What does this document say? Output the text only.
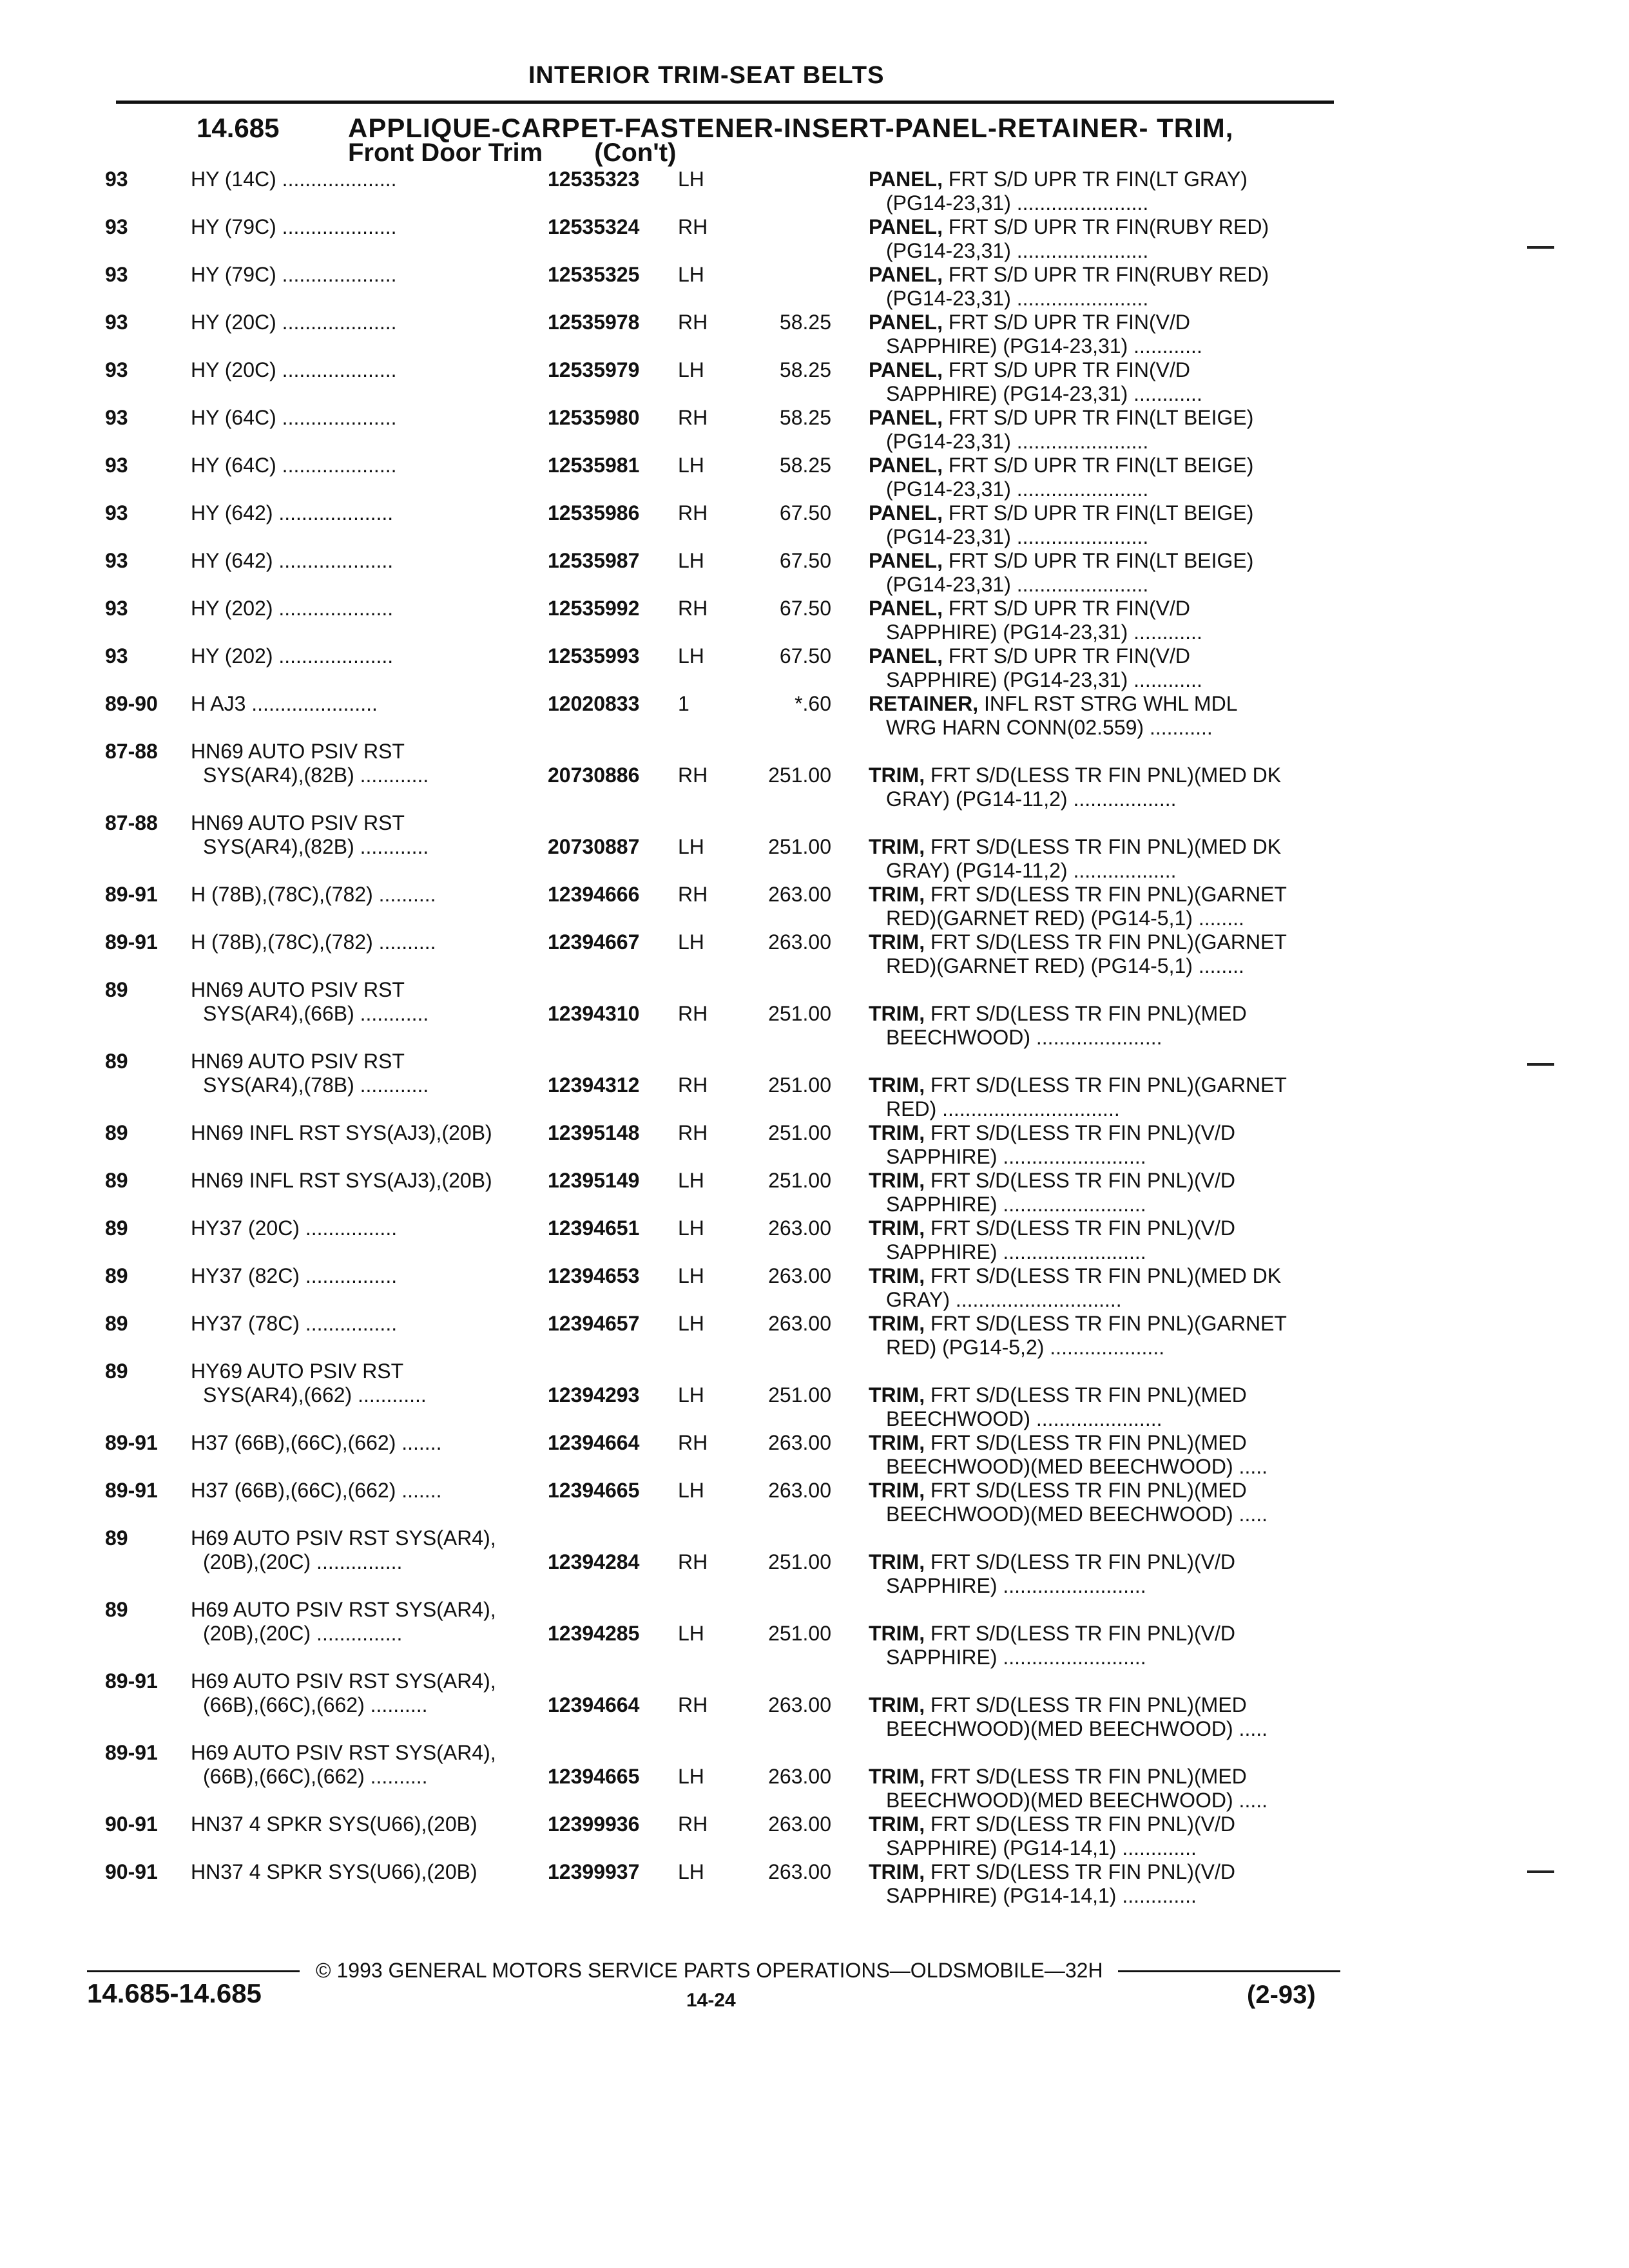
INTERIOR TRIM-SEAT BELTS
14.685	APPLIQUE-CARPET-FASTENER-INSERT-PANEL-RETAINER- TRIM,
Front Door Trim (Con't)
93	HY (14C) ....................	12535323 LH	PANEL, FRT S/D UPR TR FIN(LT GRAY)
(PG14-23,31) .......................
93	HY (79C) ....................	12535324 RH	PANEL, FRT S/D UPR TR FIN(RUBY RED)
(PG14-23,31) .......................
93	HY (79C) ....................	12535325 LH	PANEL, FRT S/D UPR TR FIN(RUBY RED)
(PG14-23,31) .......................
93	HY (20C) ....................	12535978 RH	58.25 PANEL, FRT S/D UPR TR FIN(V/D
SAPPHIRE) (PG14-23,31) ............
93	HY (20C) ....................	12535979 LH	58.25 PANEL, FRT S/D UPR TR FIN(V/D
SAPPHIRE) (PG14-23,31) ............
93	HY (64C) ....................	12535980 RH	58.25 PANEL, FRT S/D UPR TR FIN(LT BEIGE)
(PG14-23,31) .......................
93	HY (64C) ....................	12535981 LH	58.25 PANEL, FRT S/D UPR TR FIN(LT BEIGE)
(PG14-23,31) .......................
93	HY (642) ....................	12535986 RH	67.50 PANEL, FRT S/D UPR TR FIN(LT BEIGE)
(PG14-23,31) .......................
93	HY (642) ....................	12535987 LH	67.50 PANEL, FRT S/D UPR TR FIN(LT BEIGE)
(PG14-23,31) .......................
93	HY (202) ....................	12535992 RH	67.50 PANEL, FRT S/D UPR TR FIN(V/D
SAPPHIRE) (PG14-23,31) ............
93	HY (202) ....................	12535993 LH	67.50 PANEL, FRT S/D UPR TR FIN(V/D
SAPPHIRE) (PG14-23,31) ............
89-90 H AJ3 ......................	12020833 1	*.60 RETAINER, INFL RST STRG WHL MDL
WRG HARN CONN(02.559) ...........
87-88 HN69 AUTO PSIV RST
SYS(AR4),(82B) ............	20730886 RH	251.00 TRIM, FRT S/D(LESS TR FIN PNL)(MED DK
GRAY) (PG14-11,2) ..................
87-88 HN69 AUTO PSIV RST
SYS(AR4),(82B) ............	20730887 LH	251.00 TRIM, FRT S/D(LESS TR FIN PNL)(MED DK
GRAY) (PG14-11,2) ..................
89-91 H (78B),(78C),(782) ..........	12394666 RH	263.00 TRIM, FRT S/D(LESS TR FIN PNL)(GARNET
RED)(GARNET RED) (PG14-5,1) ........
89-91 H (78B),(78C),(782) ..........	12394667 LH	263.00 TRIM, FRT S/D(LESS TR FIN PNL)(GARNET
RED)(GARNET RED) (PG14-5,1) ........
89	HN69 AUTO PSIV RST
SYS(AR4),(66B) ............	12394310 RH	251.00 TRIM, FRT S/D(LESS TR FIN PNL)(MED
BEECHWOOD) ......................
89	HN69 AUTO PSIV RST
SYS(AR4),(78B) ............	12394312 RH	251.00 TRIM, FRT S/D(LESS TR FIN PNL)(GARNET
RED) ...............................
89	HN69 INFL RST SYS(AJ3),(20B)	12395148 RH	251.00 TRIM, FRT S/D(LESS TR FIN PNL)(V/D
SAPPHIRE) .........................
89	HN69 INFL RST SYS(AJ3),(20B)	12395149 LH	251.00 TRIM, FRT S/D(LESS TR FIN PNL)(V/D
SAPPHIRE) .........................
89	HY37 (20C) ................	12394651 LH	263.00 TRIM, FRT S/D(LESS TR FIN PNL)(V/D
SAPPHIRE) .........................
89	HY37 (82C) ................	12394653 LH	263.00 TRIM, FRT S/D(LESS TR FIN PNL)(MED DK
GRAY) .............................
89	HY37 (78C) ................	12394657 LH	263.00 TRIM, FRT S/D(LESS TR FIN PNL)(GARNET
RED) (PG14-5,2) ....................
89	HY69 AUTO PSIV RST
SYS(AR4),(662) ............	12394293 LH	251.00 TRIM, FRT S/D(LESS TR FIN PNL)(MED
BEECHWOOD) ......................
89-91 H37 (66B),(66C),(662) .......	12394664 RH	263.00 TRIM, FRT S/D(LESS TR FIN PNL)(MED
BEECHWOOD)(MED BEECHWOOD) .....
89-91 H37 (66B),(66C),(662) .......	12394665 LH	263.00 TRIM, FRT S/D(LESS TR FIN PNL)(MED
BEECHWOOD)(MED BEECHWOOD) .....
89	H69 AUTO PSIV RST SYS(AR4),
(20B),(20C) ...............	12394284 RH	251.00 TRIM, FRT S/D(LESS TR FIN PNL)(V/D
SAPPHIRE) .........................
89	H69 AUTO PSIV RST SYS(AR4),
(20B),(20C) ...............	12394285 LH	251.00 TRIM, FRT S/D(LESS TR FIN PNL)(V/D
SAPPHIRE) .........................
89-91 H69 AUTO PSIV RST SYS(AR4),
(66B),(66C),(662) ..........	12394664 RH	263.00 TRIM, FRT S/D(LESS TR FIN PNL)(MED
BEECHWOOD)(MED BEECHWOOD) .....
89-91 H69 AUTO PSIV RST SYS(AR4),
(66B),(66C),(662) ..........	12394665 LH	263.00 TRIM, FRT S/D(LESS TR FIN PNL)(MED
BEECHWOOD)(MED BEECHWOOD) .....
90-91 HN37 4 SPKR SYS(U66),(20B)	12399936 RH	263.00 TRIM, FRT S/D(LESS TR FIN PNL)(V/D
SAPPHIRE) (PG14-14,1) .............
90-91 HN37 4 SPKR SYS(U66),(20B)	12399937 LH	263.00 TRIM, FRT S/D(LESS TR FIN PNL)(V/D
SAPPHIRE) (PG14-14,1) .............
© 1993 GENERAL MOTORS SERVICE PARTS OPERATIONS—OLDSMOBILE—32H
14.685-14.685	14-24	(2-93)
